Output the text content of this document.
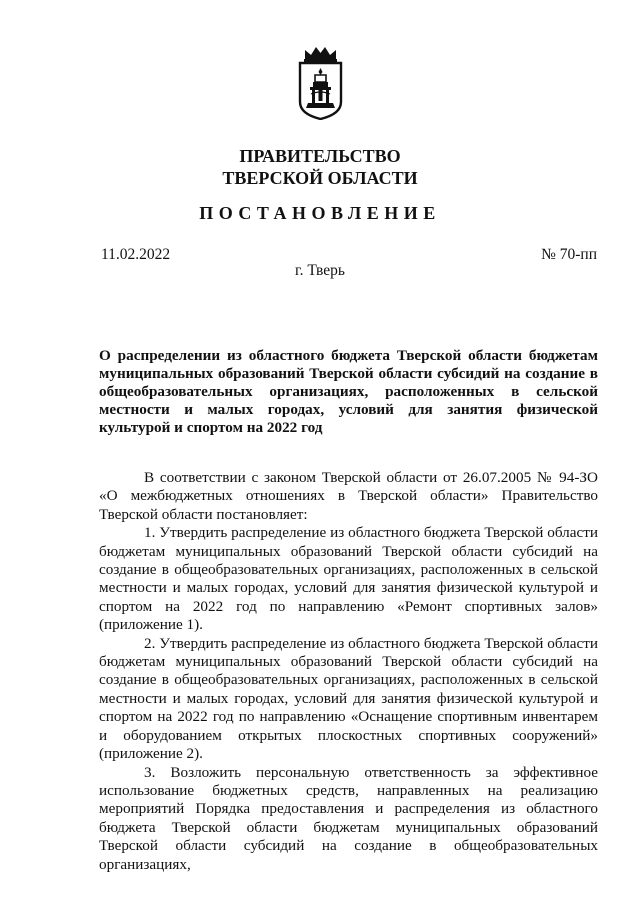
ПРАВИТЕЛЬСТВО
ТВЕРСКОЙ ОБЛАСТИ
ПОСТАНОВЛЕНИЕ
11.02.2022	№ 70-пп
г. Тверь
О распределении из областного бюджета Тверской области бюджетам муниципальных образований Тверской области субсидий на создание в общеобразовательных организациях, расположенных в сельской местности и малых городах, условий для занятия физической культурой и спортом на 2022 год

В соответствии с законом Тверской области от 26.07.2005 № 94-ЗО «О межбюджетных отношениях в Тверской области» Правительство Тверской области постановляет:

1. Утвердить распределение из областного бюджета Тверской области бюджетам муниципальных образований Тверской области субсидий на создание в общеобразовательных организациях, расположенных в сельской местности и малых городах, условий для занятия физической культурой и спортом на 2022 год по направлению «Ремонт спортивных залов» (приложение 1).

2. Утвердить распределение из областного бюджета Тверской области бюджетам муниципальных образований Тверской области субсидий на создание в общеобразовательных организациях, расположенных в сельской местности и малых городах, условий для занятия физической культурой и спортом на 2022 год по направлению «Оснащение спортивным инвентарем и оборудованием открытых плоскостных спортивных сооружений» (приложение 2).

3. Возложить персональную ответственность за эффективное использование бюджетных средств, направленных на реализацию мероприятий Порядка предоставления и распределения из областного бюджета Тверской области бюджетам муниципальных образований Тверской области субсидий на создание в общеобразовательных организациях,
